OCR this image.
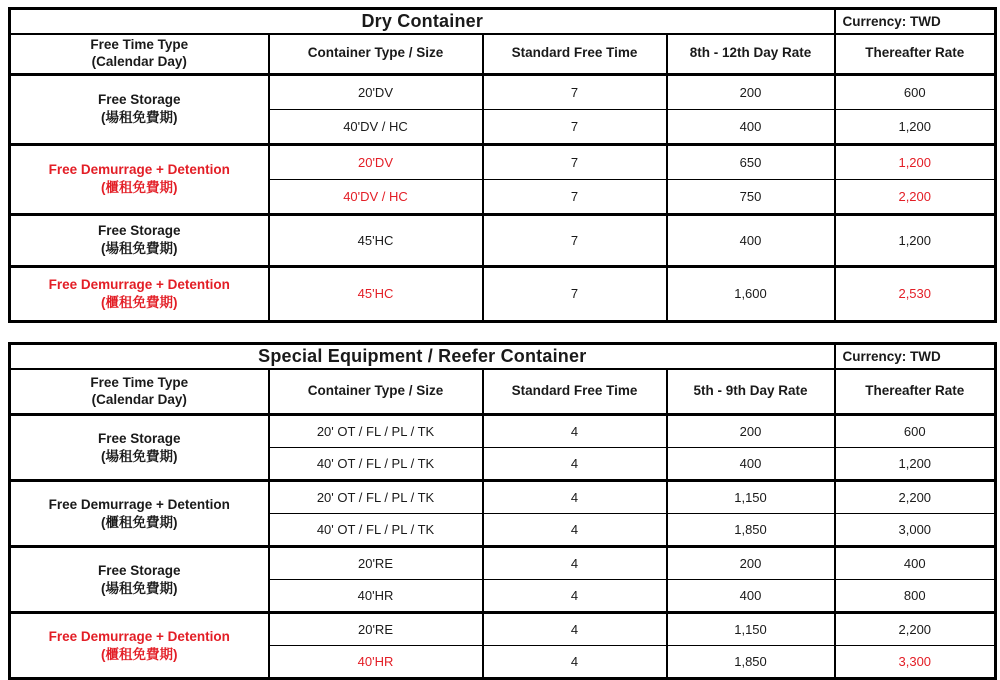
Dry Container				Currency: TWD

Free Time Type
(Calendar Day)	Container Type / Size	Standard Free Time	8th - 12th Day Rate	Thereafter Rate

Free Storage
(場租免費期)	20'DV	7	200	600
	40'DV / HC	7	400	1,200

Free Demurrage + Detention
(櫃租免費期)	20'DV	7	650	1,200
	40'DV / HC	7	750	2,200

Free Storage
(場租免費期)	45'HC	7	400	1,200

Free Demurrage + Detention
(櫃租免費期)	45'HC	7	1,600	2,530
Special Equipment / Reefer Container				Currency: TWD

Free Time Type
(Calendar Day)	Container Type / Size	Standard Free Time	5th - 9th Day Rate	Thereafter Rate

Free Storage
(場租免費期)	20' OT / FL / PL / TK	4	200	600
	40' OT / FL / PL / TK	4	400	1,200

Free Demurrage + Detention
(櫃租免費期)	20' OT / FL / PL / TK	4	1,150	2,200
	40' OT / FL / PL / TK	4	1,850	3,000

Free Storage
(場租免費期)	20'RE	4	200	400
	40'HR	4	400	800

Free Demurrage + Detention
(櫃租免費期)	20'RE	4	1,150	2,200
	40'HR	4	1,850	3,300
